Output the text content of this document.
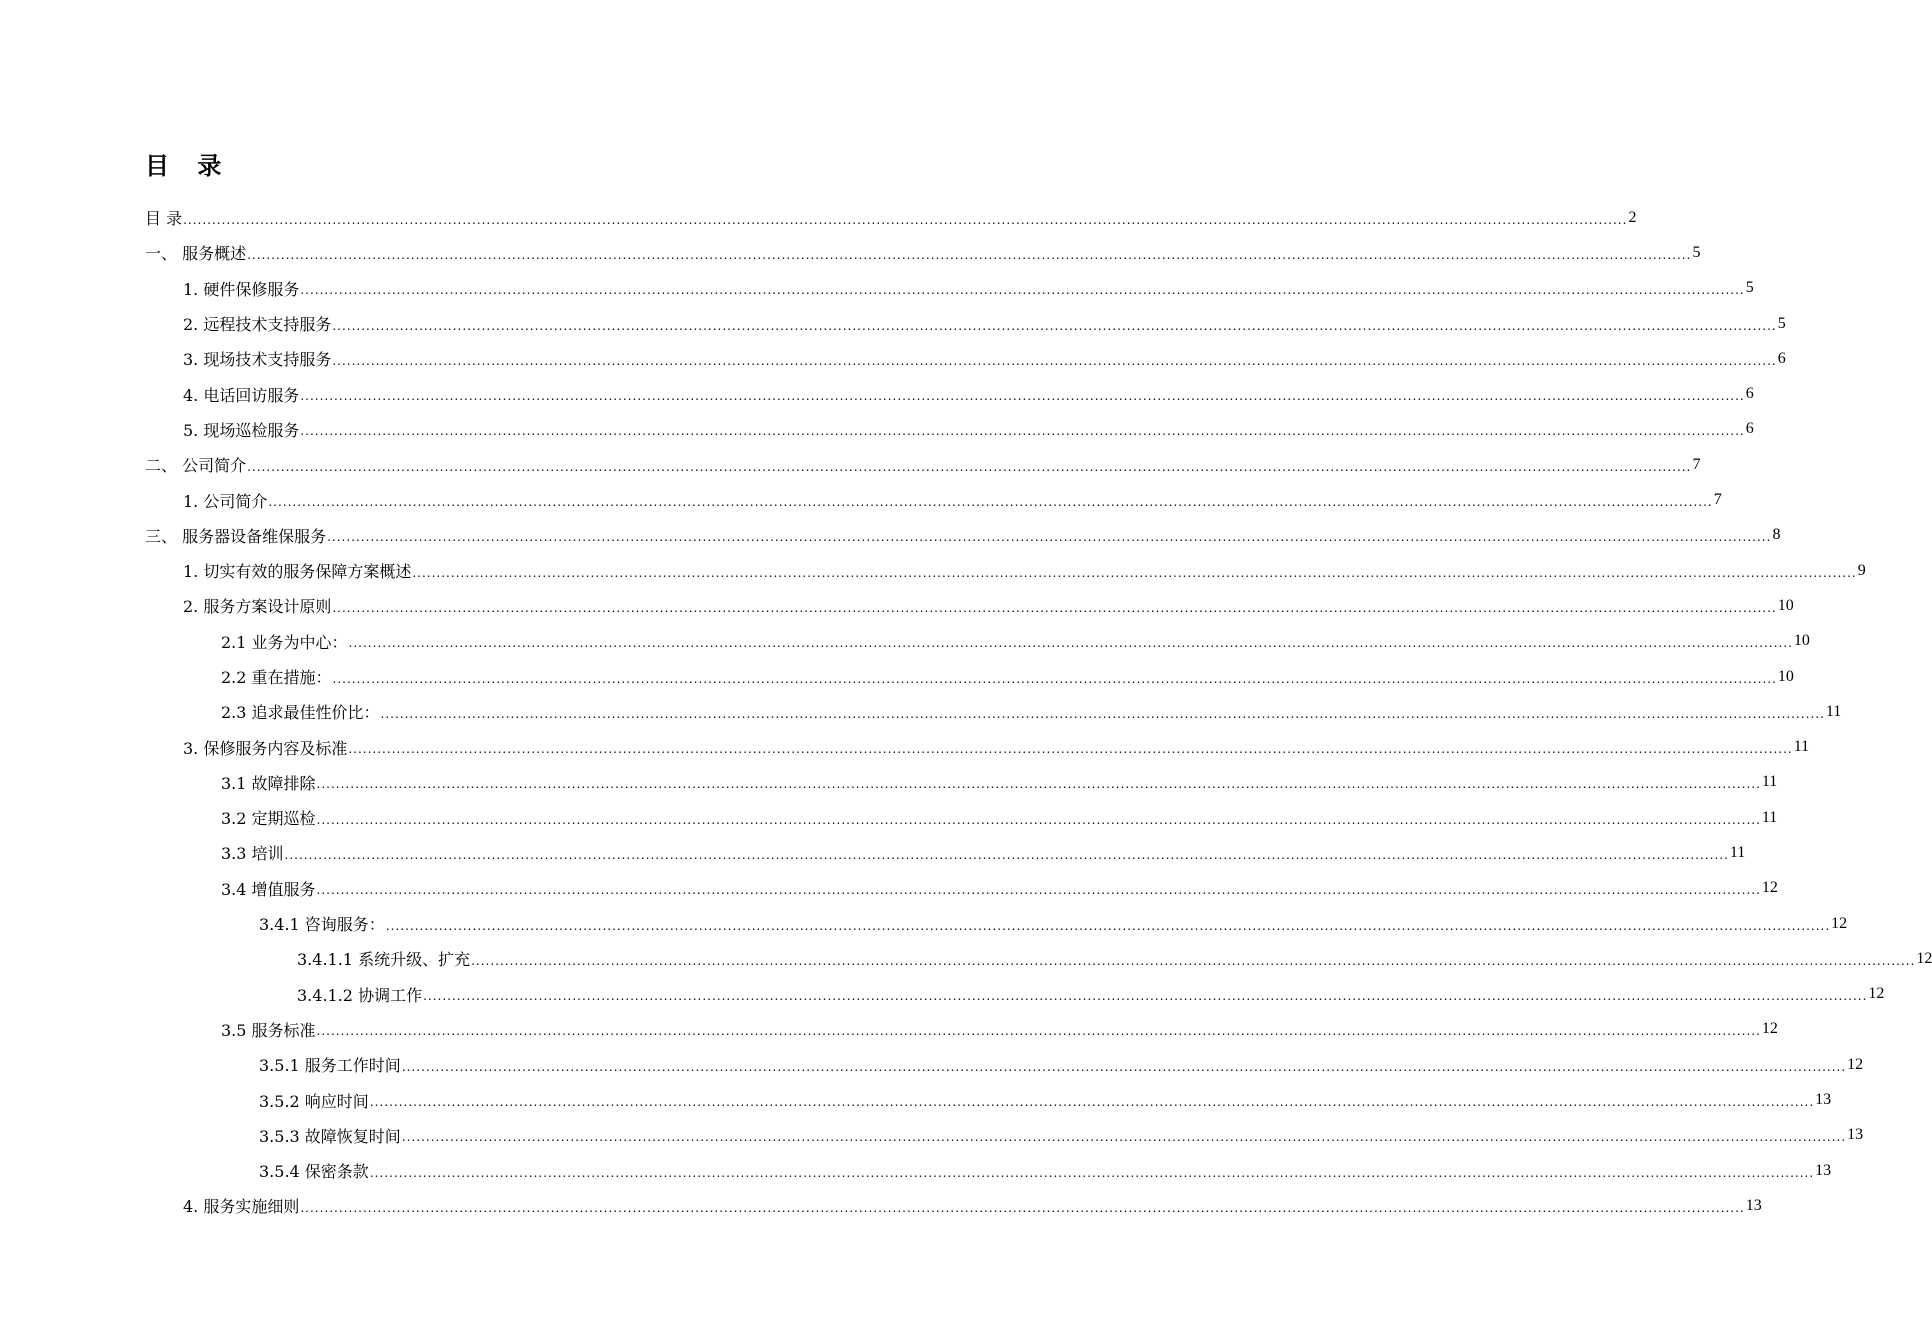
目 录
目 录 ............................................................................................................................................................................................................................................................................................................ 2
一、 服务概述 ............................................................................................................................................................................................................................................................................................................ 5
1. 硬件保修服务 ............................................................................................................................................................................................................................................................................................................ 5
2. 远程技术支持服务 ............................................................................................................................................................................................................................................................................................................ 5
3. 现场技术支持服务 ............................................................................................................................................................................................................................................................................................................ 6
4. 电话回访服务 ............................................................................................................................................................................................................................................................................................................ 6
5. 现场巡检服务 ............................................................................................................................................................................................................................................................................................................ 6
二、 公司简介 ............................................................................................................................................................................................................................................................................................................ 7
1. 公司简介 ............................................................................................................................................................................................................................................................................................................ 7
三、 服务器设备维保服务 ............................................................................................................................................................................................................................................................................................................ 8
1. 切实有效的服务保障方案概述 ............................................................................................................................................................................................................................................................................................................ 9
2. 服务方案设计原则 ............................................................................................................................................................................................................................................................................................................ 10
2.1 业务为中心： ............................................................................................................................................................................................................................................................................................................ 10
2.2 重在措施： ............................................................................................................................................................................................................................................................................................................ 10
2.3 追求最佳性价比： ............................................................................................................................................................................................................................................................................................................ 11
3. 保修服务内容及标准 ............................................................................................................................................................................................................................................................................................................ 11
3.1 故障排除 ............................................................................................................................................................................................................................................................................................................ 11
3.2 定期巡检 ............................................................................................................................................................................................................................................................................................................ 11
3.3 培训 ............................................................................................................................................................................................................................................................................................................ 11
3.4 增值服务 ............................................................................................................................................................................................................................................................................................................ 12
3.4.1 咨询服务： ............................................................................................................................................................................................................................................................................................................ 12
3.4.1.1 系统升级、扩充 ............................................................................................................................................................................................................................................................................................................ 12
3.4.1.2 协调工作 ............................................................................................................................................................................................................................................................................................................ 12
3.5 服务标准 ............................................................................................................................................................................................................................................................................................................ 12
3.5.1 服务工作时间 ............................................................................................................................................................................................................................................................................................................ 12
3.5.2 响应时间 ............................................................................................................................................................................................................................................................................................................ 13
3.5.3 故障恢复时间 ............................................................................................................................................................................................................................................................................................................ 13
3.5.4 保密条款 ............................................................................................................................................................................................................................................................................................................ 13
4. 服务实施细则 ............................................................................................................................................................................................................................................................................................................ 13
